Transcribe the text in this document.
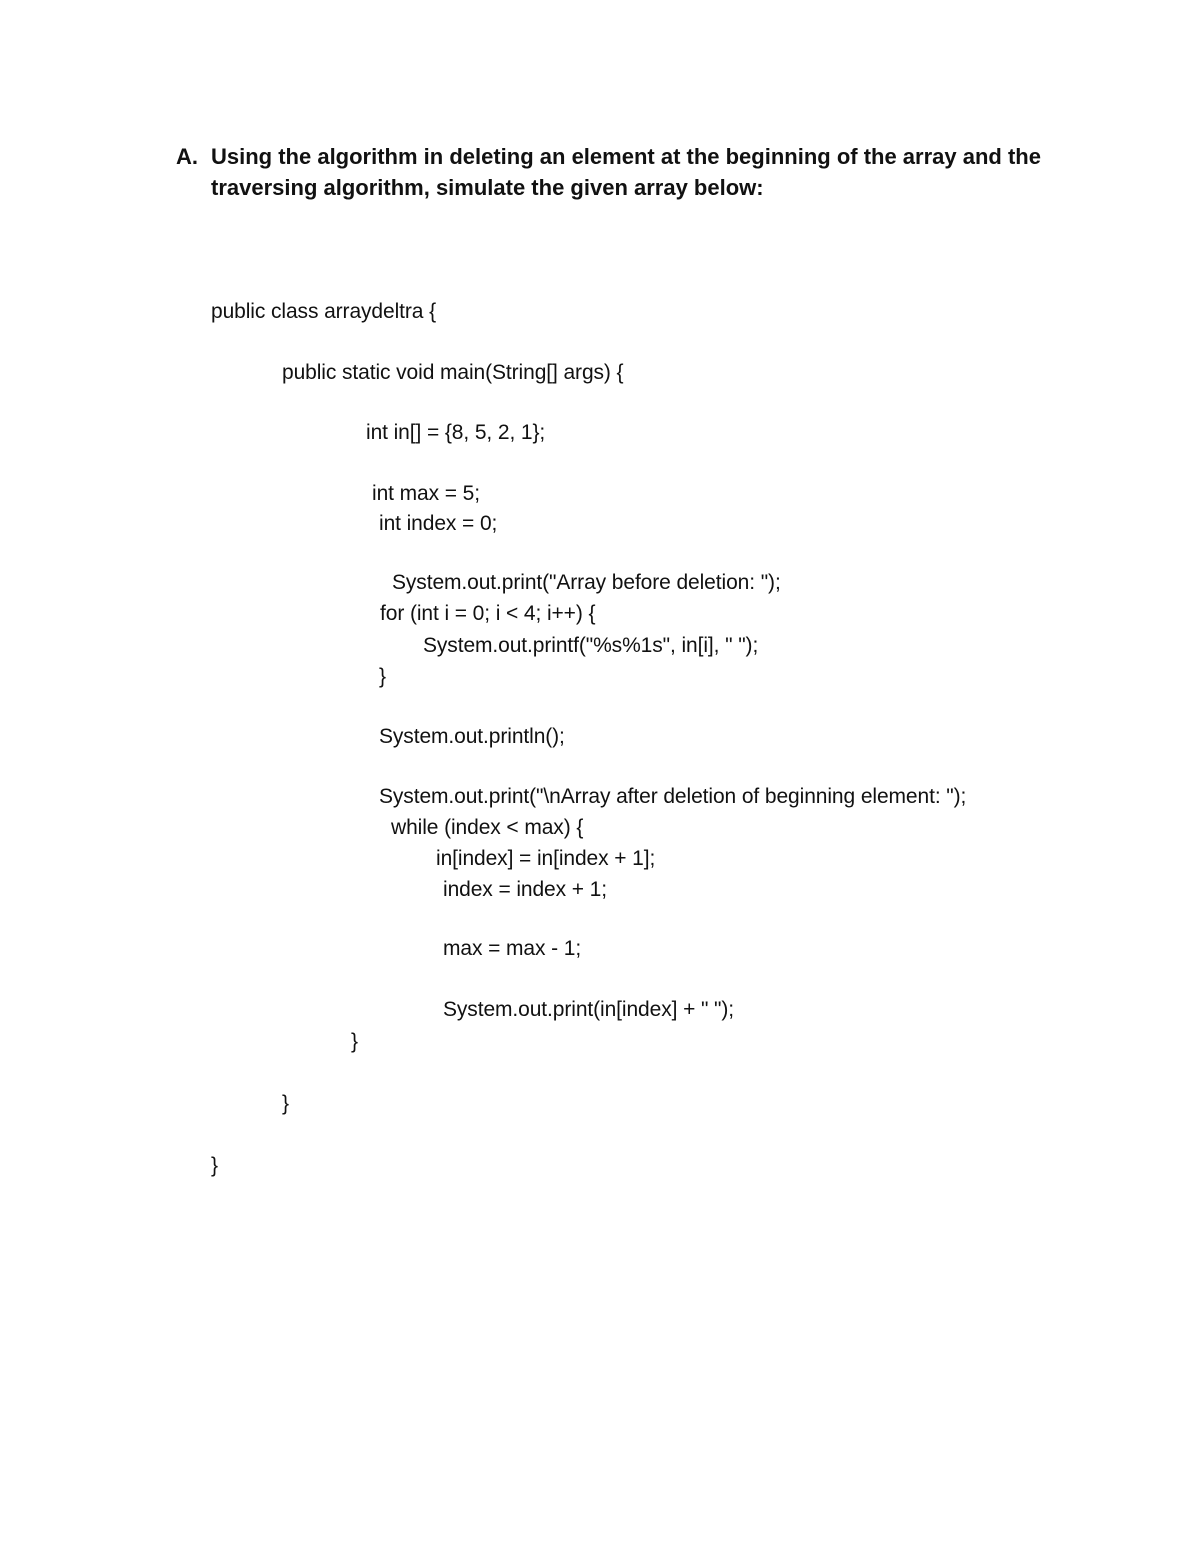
A. Using the algorithm in deleting an element at the beginning of the array and the traversing algorithm, simulate the given array below:
public class arraydeltra {
public static void main(String[] args) {
int in[] = {8, 5, 2, 1};
int max = 5;
int index = 0;
System.out.print("Array before deletion: ");
for (int i = 0; i < 4; i++) {
System.out.printf("%s%1s", in[i], " ");
}
System.out.println();
System.out.print("\nArray after deletion of beginning element: ");
while (index < max) {
in[index] = in[index + 1];
index = index + 1;
max = max - 1;
System.out.print(in[index] + " ");
}
}
}
